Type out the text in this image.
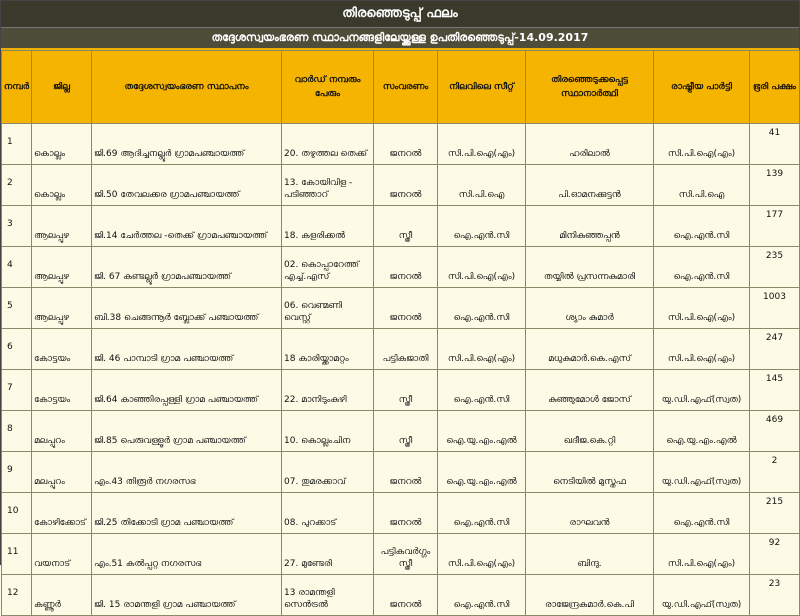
തിരഞ്ഞെടുപ്പ് ഫലം
തദ്ദേശസ്വയംഭരണ സ്ഥാപനങ്ങളിലേയ്ക്കുള്ള ഉപതിരഞ്ഞെടുപ്പ്-14.09.2017
നമ്പർ	ജില്ല	തദ്ദേശസ്വയംഭരണ സ്ഥാപനം	വാർഡ് നമ്പരും പേരും	സംവരണം	നിലവിലെ സീറ്റ്	തിരഞ്ഞെടുക്കപ്പെട്ട സ്ഥാനാർത്ഥി	രാഷ്ട്രീയ പാർട്ടി	ഭൂരി പക്ഷം
1	കൊല്ലം	ജി.69 ആദിച്ചനല്ലൂർ ഗ്രാമപഞ്ചായത്ത്	20. തഴുത്തല തെക്ക്	ജനറൽ	സി.പി.ഐ(എം)	ഹരിലാൽ	സി.പി.ഐ(എം)	41
2	കൊല്ലം	ജി.50 തേവലക്കര ഗ്രാമപഞ്ചായത്ത്	13. കോയിവിള - പടിഞ്ഞാറ്	ജനറൽ	സി.പി.ഐ	പി.ഓമനക്കുട്ടൻ	സി.പി.ഐ	139
3	ആലപ്പുഴ	ജി.14 ചേർത്തല -തെക്ക് ഗ്രാമപഞ്ചായത്ത്	18. കളരിക്കൽ	സ്ത്രീ	ഐ.എൻ.സി	മിനികുഞ്ഞപ്പൻ	ഐ.എൻ.സി	177
4	ആലപ്പുഴ	ജി. 67 കണ്ടല്ലൂർ ഗ്രാമപഞ്ചായത്ത്	02. കൊപ്പാറേത്ത് എച്ച്.എസ്	ജനറൽ	സി.പി.ഐ(എം)	തയ്യിൽ പ്രസന്നകുമാരി	ഐ.എൻ.സി	235
5	ആലപ്പുഴ	ബി.38 ചെങ്ങന്നൂർ ബ്ലോക്ക് പഞ്ചായത്ത്	06. വെണ്മണി വെസ്റ്റ്	ജനറൽ	ഐ.എൻ.സി	ശ്യാം കുമാർ	സി.പി.ഐ(എം)	1003
6	കോട്ടയം	ജി. 46 പാമ്പാടി ഗ്രാമ പഞ്ചായത്ത്	18 കാരിയ്ക്കാമറ്റം	പട്ടികജാതി	സി.പി.ഐ(എം)	മധുകുമാർ.കെ.എസ്	സി.പി.ഐ(എം)	247
7	കോട്ടയം	ജി.64 കാഞ്ഞിരപ്പള്ളി ഗ്രാമ പഞ്ചായത്ത്	22. മാനിടുംകുഴി	സ്ത്രീ	ഐ.എൻ.സി	കുഞ്ഞുമോൾ ജോസ്	യു.ഡി.എഫ്(സ്വത)	145
8	മലപ്പുറം	ജി.85 പെരുവള്ളൂർ ഗ്രാമ പഞ്ചായത്ത്	10. കൊല്ലംചിന	സ്ത്രീ	ഐ.യു.എം.എൽ	ഖദീജ.കെ.റ്റി	ഐ.യു.എം.എൽ	469
9	മലപ്പുറം	എം.43 തിരൂർ നഗരസഭ	07. തുമരക്കാവ്	ജനറൽ	ഐ.യു.എം.എൽ	നെടിയിൽ മുസ്തഫ	യു.ഡി.എഫ്(സ്വത)	2
10	കോഴിക്കോട്	ജി.25 തിക്കോടി ഗ്രാമ പഞ്ചായത്ത്	08. പുറക്കാട്	ജനറൽ	ഐ.എൻ.സി	രാഘവൻ	ഐ.എൻ.സി	215
11	വയനാട്	എം.51 കൽപ്പറ്റ നഗരസഭ	27. മുണ്ടേരി	പട്ടികവർഗ്ഗം സ്ത്രീ	സി.പി.ഐ(എം)	ബിന്ദു.	സി.പി.ഐ(എം)	92
12	കണ്ണൂർ	ജി. 15 രാമന്തളി ഗ്രാമ പഞ്ചായത്ത്	13 രാമന്തളി സെൻട്രൽ	ജനറൽ	ഐ.എൻ.സി	രാജേന്ദ്രകുമാർ.കെ.പി	യു.ഡി.എഫ്(സ്വത)	23
